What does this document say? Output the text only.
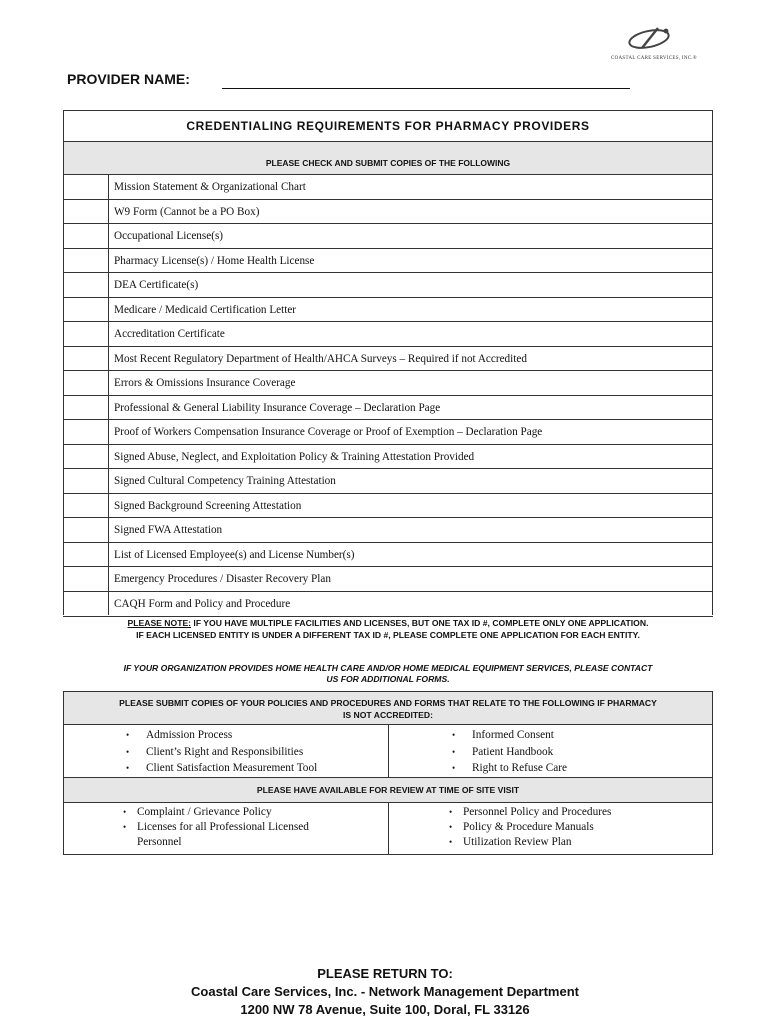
COASTAL CARE SERVICES, INC.®
PROVIDER NAME:
CREDENTIALING REQUIREMENTS FOR PHARMACY PROVIDERS
PLEASE CHECK AND SUBMIT COPIES OF THE FOLLOWING
Mission Statement & Organizational Chart
W9 Form (Cannot be a PO Box)
Occupational License(s)
Pharmacy License(s) / Home Health License
DEA Certificate(s)
Medicare / Medicaid Certification Letter
Accreditation Certificate
Most Recent Regulatory Department of Health/AHCA Surveys – Required if not Accredited
Errors & Omissions Insurance Coverage
Professional & General Liability Insurance Coverage – Declaration Page
Proof of Workers Compensation Insurance Coverage or Proof of Exemption – Declaration Page
Signed Abuse, Neglect, and Exploitation Policy & Training Attestation Provided
Signed Cultural Competency Training Attestation
Signed Background Screening Attestation
Signed FWA Attestation
List of Licensed Employee(s) and License Number(s)
Emergency Procedures / Disaster Recovery Plan
CAQH Form and Policy and Procedure
PLEASE NOTE: IF YOU HAVE MULTIPLE FACILITIES AND LICENSES, BUT ONE TAX ID #, COMPLETE ONLY ONE APPLICATION.
IF EACH LICENSED ENTITY IS UNDER A DIFFERENT TAX ID #, PLEASE COMPLETE ONE APPLICATION FOR EACH ENTITY.
IF YOUR ORGANIZATION PROVIDES HOME HEALTH CARE AND/OR HOME MEDICAL EQUIPMENT SERVICES, PLEASE CONTACT
US FOR ADDITIONAL FORMS.
PLEASE SUBMIT COPIES OF YOUR POLICIES AND PROCEDURES AND FORMS THAT RELATE TO THE FOLLOWING IF PHARMACY
IS NOT ACCREDITED:
• Admission Process
• Client’s Right and Responsibilities
• Client Satisfaction Measurement Tool
• Informed Consent
• Patient Handbook
• Right to Refuse Care
PLEASE HAVE AVAILABLE FOR REVIEW AT TIME OF SITE VISIT
• Complaint / Grievance Policy
• Licenses for all Professional Licensed
Personnel
• Personnel Policy and Procedures
• Policy & Procedure Manuals
• Utilization Review Plan
PLEASE RETURN TO:
Coastal Care Services, Inc. - Network Management Department
1200 NW 78 Avenue, Suite 100, Doral, FL 33126
